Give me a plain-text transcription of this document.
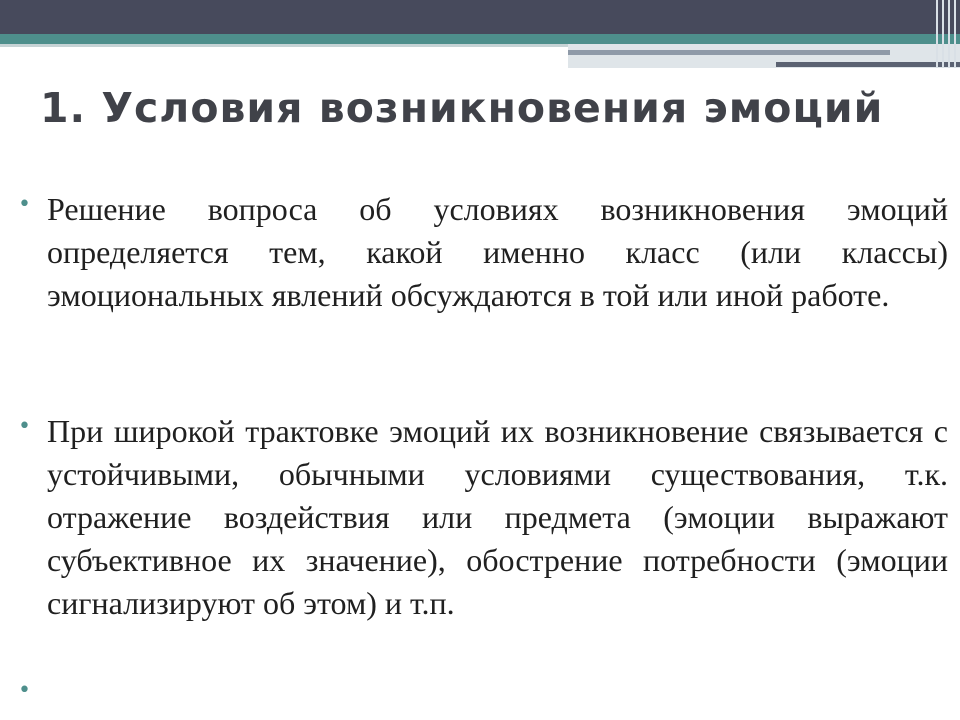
1. Условия возникновения эмоций
• Решение вопроса об условиях возникновения эмоций определяется тем, какой именно класс (или классы) эмоциональных явлений обсуждаются в той или иной работе.
• При широкой трактовке эмоций их возникновение связывается с устойчивыми, обычными условиями существования, т.к. отражение воздействия или предмета (эмоции выражают субъективное их значение), обострение потребности (эмоции сигнализируют об этом) и т.п.
•
